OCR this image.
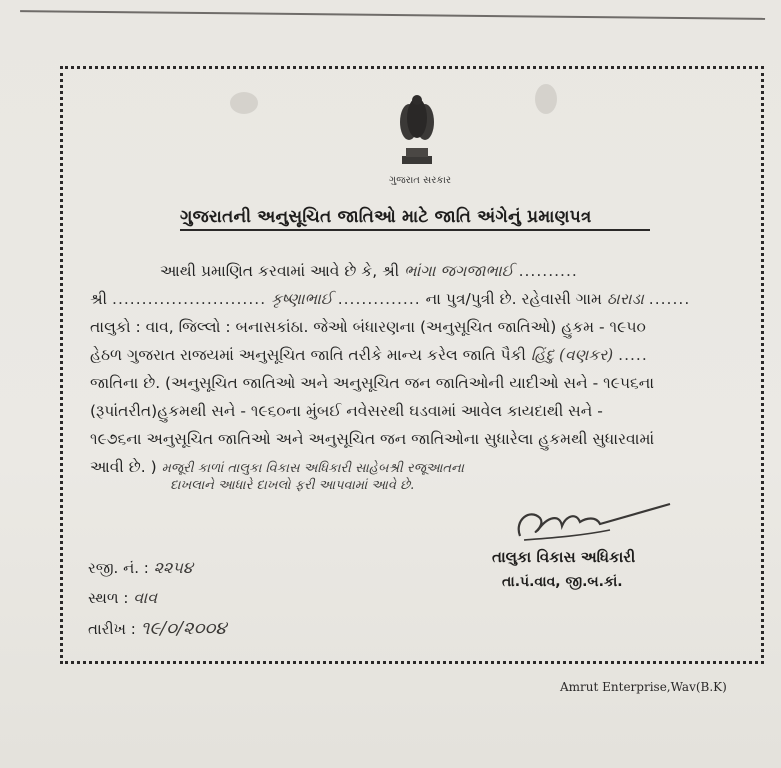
ગુજરાત સરકાર
ગુજરાતની અનુસૂચિત જાતિઓ માટે જાતિ અંગેનું પ્રમાણપત્ર
આથી પ્રમાણિત કરવામાં આવે છે કે, શ્રી ભાંગા જગજાભાઈ ..........
શ્રી .......................... કૃષ્ણાભાઈ .............. ના પુત્ર/પુત્રી છે. રહેવાસી ગામ ઠારાડા .......
તાલુકો : વાવ, જિલ્લો : બનાસકાંઠા. જેઓ બંધારણના (અનુસૂચિત જાતિઓ) હુકમ - ૧૯૫૦
હેઠળ ગુજરાત રાજયમાં અનુસૂચિત જાતિ તરીકે માન્ય કરેલ જાતિ પૈકી હિંદુ (વણકર) .....
જાતિના છે. (અનુસૂચિત જાતિઓ અને અનુસૂચિત જન જાતિઓની યાદીઓ સને - ૧૯૫૬ના
(રૂપાંતરીત)હુકમથી સને - ૧૯૬૦ના મુંબઈ નવેસરથી ઘડવામાં આવેલ કાયદાથી સને -
૧૯૭૬ના અનુસૂચિત જાતિઓ અને અનુસૂચિત જન જાતિઓના સુધારેલા હુકમથી સુધારવામાં
આવી છે. ) મજૂરી કાળાં તાલુકા વિકાસ અધિકારી સાહેબશ્રી રજૂઆતના
દાખલાને આધારે દાખલો ફરી આપવામાં આવે છે.
તાલુકા વિકાસ અધિકારી
તા.પં.વાવ, જી.બ.કાં.
રજી. નં. : ૨૨૫૪
સ્થળ : વાવ
તારીખ : ૧૯/૦/૨૦૦૪
Amrut Enterprise,Wav(B.K)
